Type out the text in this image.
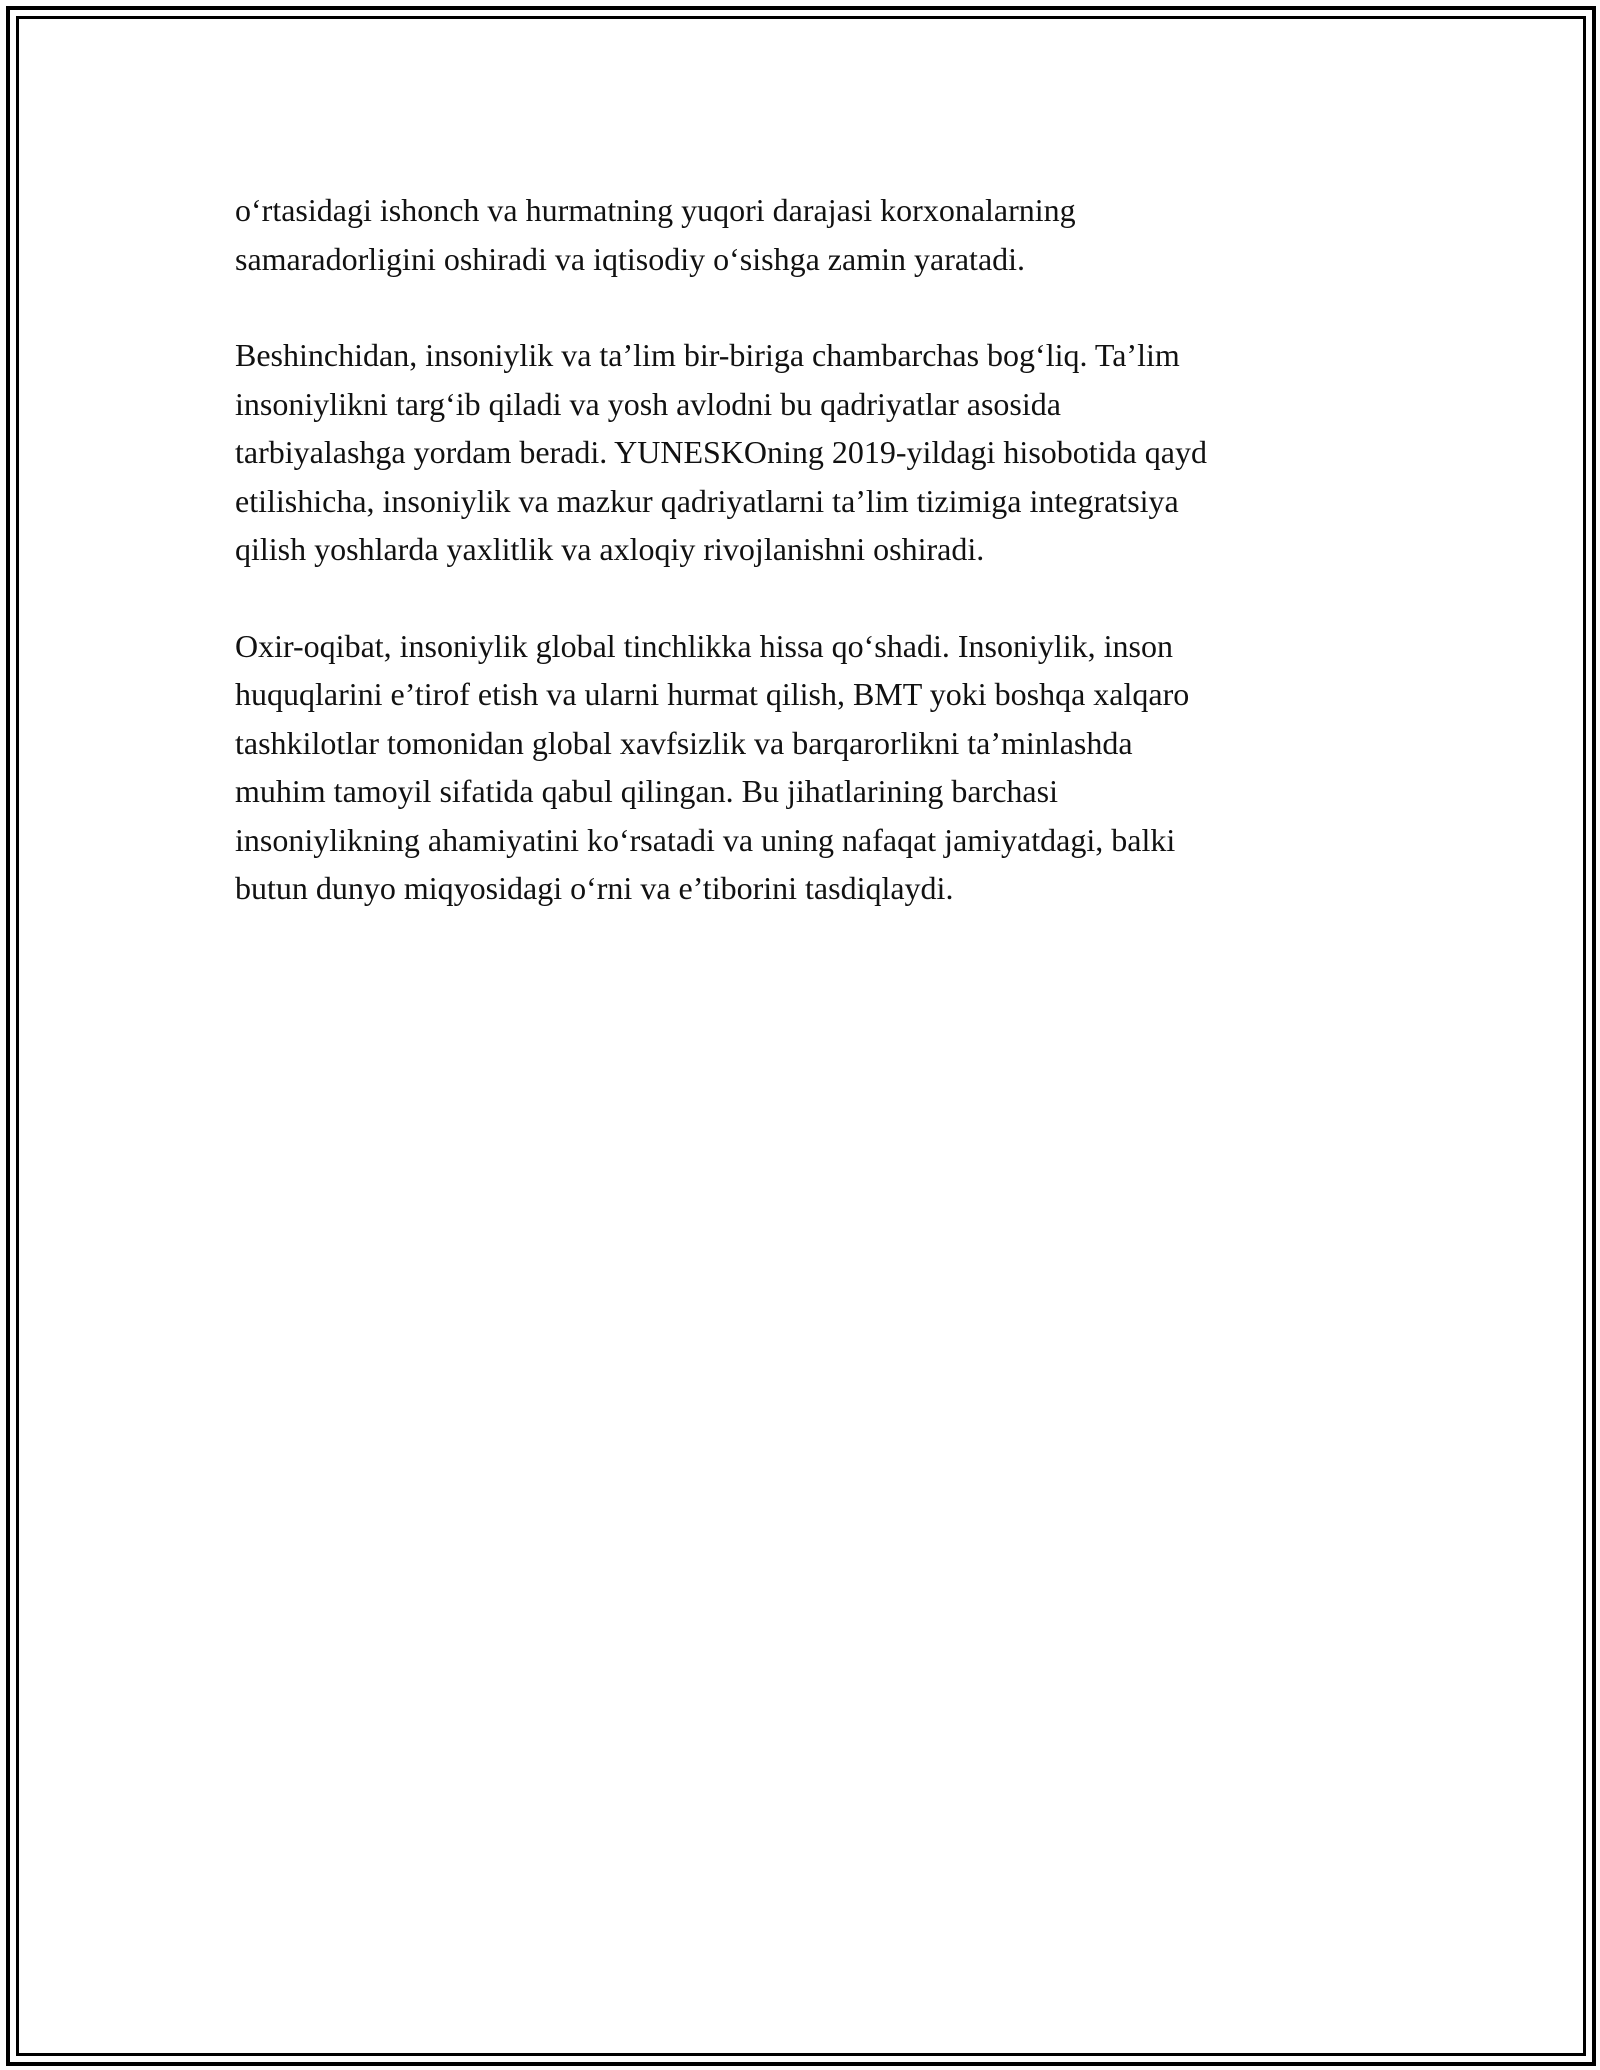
o‘rtasidagi ishonch va hurmatning yuqori darajasi korxonalarning
samaradorligini oshiradi va iqtisodiy o‘sishga zamin yaratadi.

Beshinchidan, insoniylik va ta’lim bir-biriga chambarchas bog‘liq. Ta’lim
insoniylikni targ‘ib qiladi va yosh avlodni bu qadriyatlar asosida
tarbiyalashga yordam beradi. YUNESKOning 2019-yildagi hisobotida qayd
etilishicha, insoniylik va mazkur qadriyatlarni ta’lim tizimiga integratsiya
qilish yoshlarda yaxlitlik va axloqiy rivojlanishni oshiradi.

Oxir-oqibat, insoniylik global tinchlikka hissa qo‘shadi. Insoniylik, inson
huquqlarini e’tirof etish va ularni hurmat qilish, BMT yoki boshqa xalqaro
tashkilotlar tomonidan global xavfsizlik va barqarorlikni ta’minlashda
muhim tamoyil sifatida qabul qilingan. Bu jihatlarining barchasi
insoniylikning ahamiyatini ko‘rsatadi va uning nafaqat jamiyatdagi, balki
butun dunyo miqyosidagi o‘rni va e’tiborini tasdiqlaydi.
